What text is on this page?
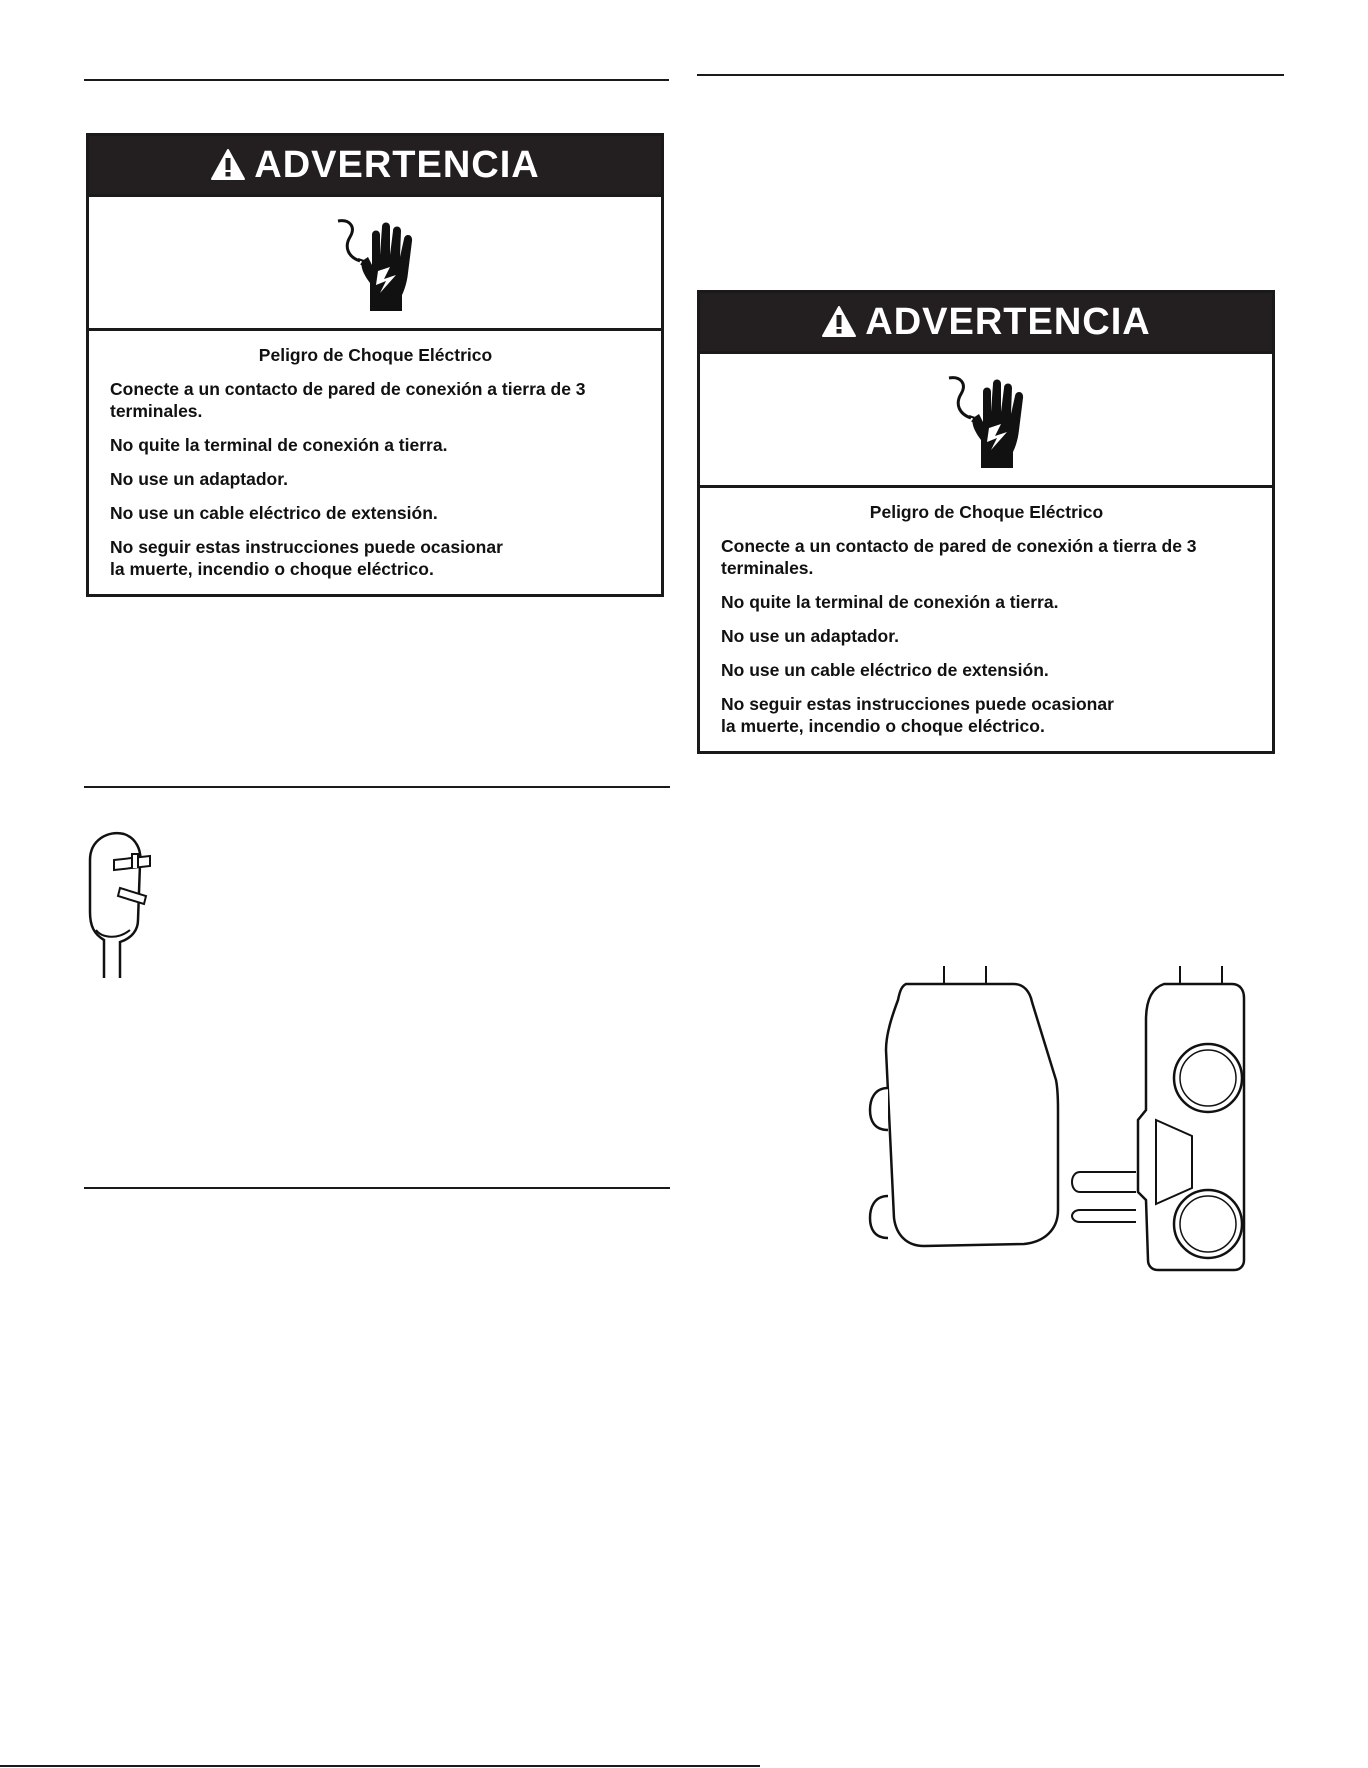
ADVERTENCIA
Peligro de Choque Eléctrico
Conecte a un contacto de pared de conexión a tierra de 3 terminales.
No quite la terminal de conexión a tierra.
No use un adaptador.
No use un cable eléctrico de extensión.
No seguir estas instrucciones puede ocasionar
la muerte, incendio o choque eléctrico.
ADVERTENCIA
Peligro de Choque Eléctrico
Conecte a un contacto de pared de conexión a tierra de 3 terminales.
No quite la terminal de conexión a tierra.
No use un adaptador.
No use un cable eléctrico de extensión.
No seguir estas instrucciones puede ocasionar
la muerte, incendio o choque eléctrico.
